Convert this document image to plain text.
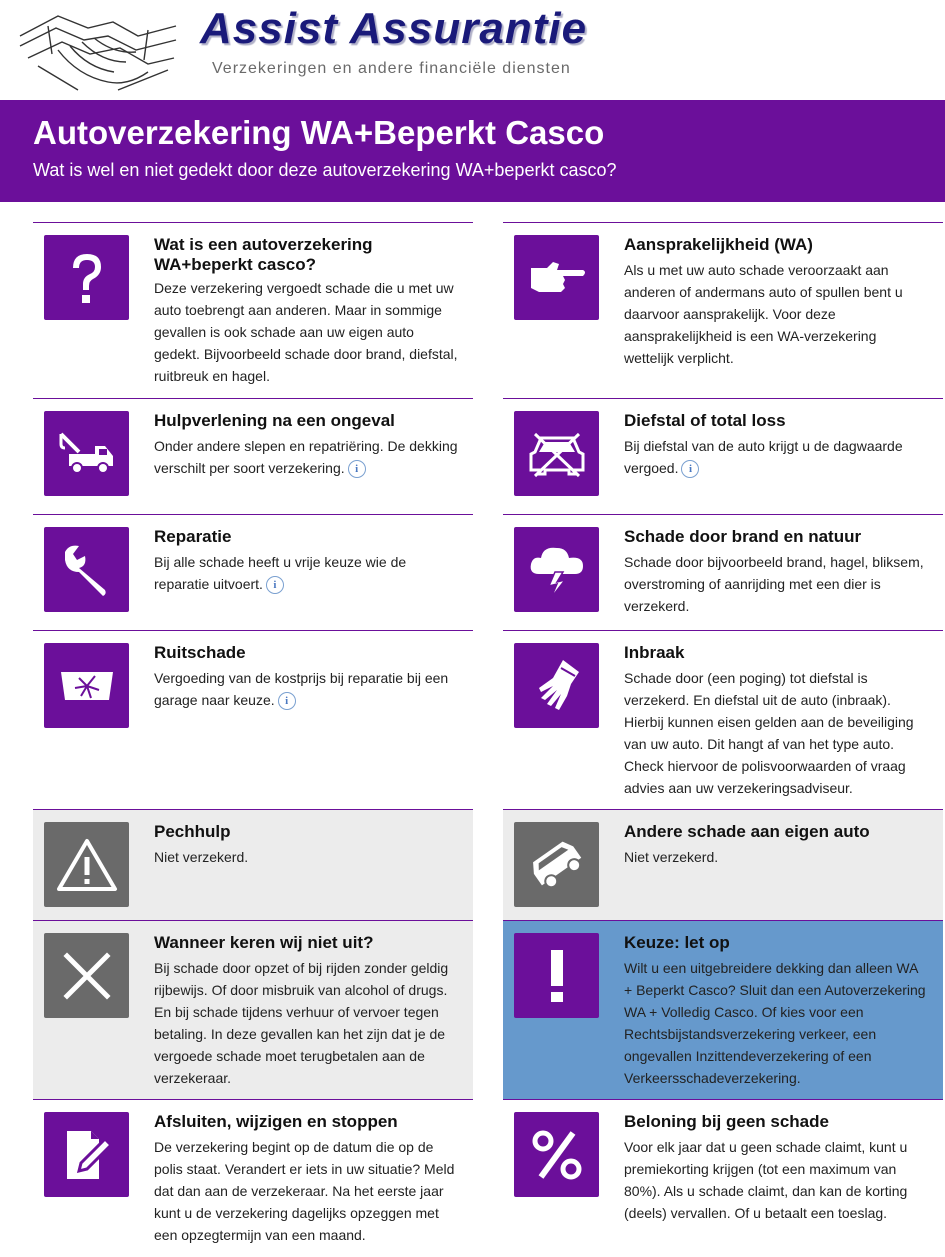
Assist Assurantie
Verzekeringen en andere financiële diensten
Autoverzekering WA+Beperkt Casco

Wat is wel en niet gedekt door deze autoverzekering WA+beperkt casco?

Wat is een autoverzekering WA+beperkt casco?
Deze verzekering vergoedt schade die u met uw auto toebrengt aan anderen. Maar in sommige gevallen is ook schade aan uw eigen auto gedekt. Bijvoorbeeld schade door brand, diefstal, ruitbreuk en hagel.
Aansprakelijkheid (WA)
Als u met uw auto schade veroorzaakt aan anderen of andermans auto of spullen bent u daarvoor aansprakelijk. Voor deze aansprakelijkheid is een WA-verzekering wettelijk verplicht.
Hulpverlening na een ongeval
Onder andere slepen en repatriëring. De dekking verschilt per soort verzekering. i
Diefstal of total loss
Bij diefstal van de auto krijgt u de dagwaarde vergoed. i
Reparatie
Bij alle schade heeft u vrije keuze wie de reparatie uitvoert. i
Schade door brand en natuur
Schade door bijvoorbeeld brand, hagel, bliksem, overstroming of aanrijding met een dier is verzekerd.
Ruitschade
Vergoeding van de kostprijs bij reparatie bij een garage naar keuze. i
Inbraak
Schade door (een poging) tot diefstal is verzekerd. En diefstal uit de auto (inbraak). Hierbij kunnen eisen gelden aan de beveiliging van uw auto. Dit hangt af van het type auto. Check hiervoor de polisvoorwaarden of vraag advies aan uw verzekeringsadviseur.
Pechhulp
Niet verzekerd.
Andere schade aan eigen auto
Niet verzekerd.
Wanneer keren wij niet uit?
Bij schade door opzet of bij rijden zonder geldig rijbewijs. Of door misbruik van alcohol of drugs. En bij schade tijdens verhuur of vervoer tegen betaling. In deze gevallen kan het zijn dat je de vergoede schade moet terugbetalen aan de verzekeraar.
Keuze: let op
Wilt u een uitgebreidere dekking dan alleen WA + Beperkt Casco? Sluit dan een Autoverzekering WA + Volledig Casco. Of kies voor een Rechtsbijstandsverzekering verkeer, een ongevallen Inzittendeverzekering of een Verkeersschadeverzekering.
Afsluiten, wijzigen en stoppen
De verzekering begint op de datum die op de polis staat. Verandert er iets in uw situatie? Meld dat dan aan de verzekeraar. Na het eerste jaar kunt u de verzekering dagelijks opzeggen met een opzegtermijn van een maand.
Beloning bij geen schade
Voor elk jaar dat u geen schade claimt, kunt u premiekorting krijgen (tot een maximum van 80%). Als u schade claimt, dan kan de korting (deels) vervallen. Of u betaalt een toeslag.
